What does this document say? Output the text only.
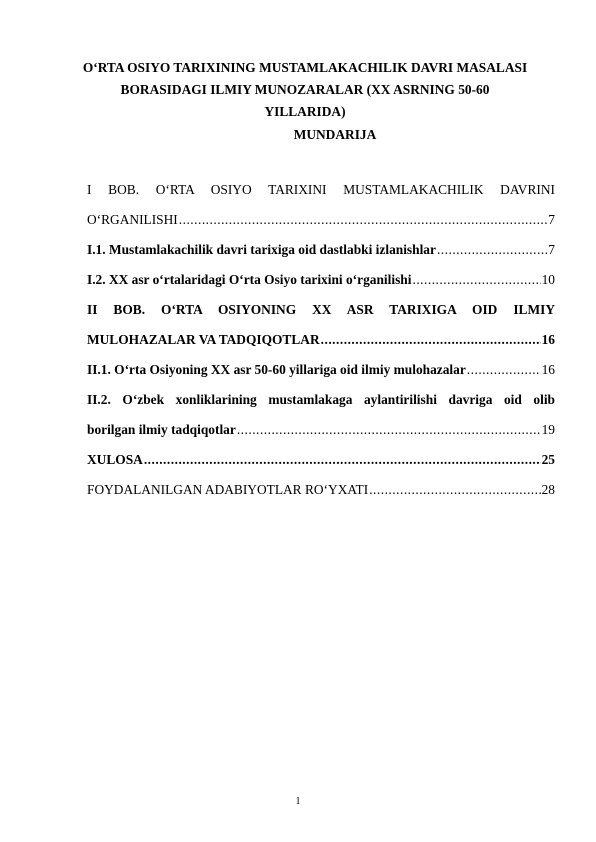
O‘RTA OSIYO TARIXINING MUSTAMLAKACHILIK DAVRI MASALASI
BORASIDAGI ILMIY MUNOZARALAR (XX ASRNING 50-60
YILLARIDA)
MUNDARIJA
I BOB. O‘RTA OSIYO TARIXINI MUSTAMLAKACHILIK DAVRINI
O‘RGANILISHI .....	7
I.1. Mustamlakachilik davri tarixiga oid dastlabki izlanishlar .....	7
I.2. XX asr o‘rtalaridagi O‘rta Osiyo tarixini o‘rganilishi .....	10
II BOB. O‘RTA OSIYONING XX ASR TARIXIGA OID ILMIY
MULOHAZALAR VA TADQIQOTLAR .....	16
II.1. O‘rta Osiyoning XX asr 50-60 yillariga oid ilmiy mulohazalar .....	16
II.2. O‘zbek xonliklarining mustamlakaga aylantirilishi davriga oid olib
borilgan ilmiy tadqiqotlar .....	19
XULOSA .....	25
FOYDALANILGAN ADABIYOTLAR RO‘YXATI .....	28
1
